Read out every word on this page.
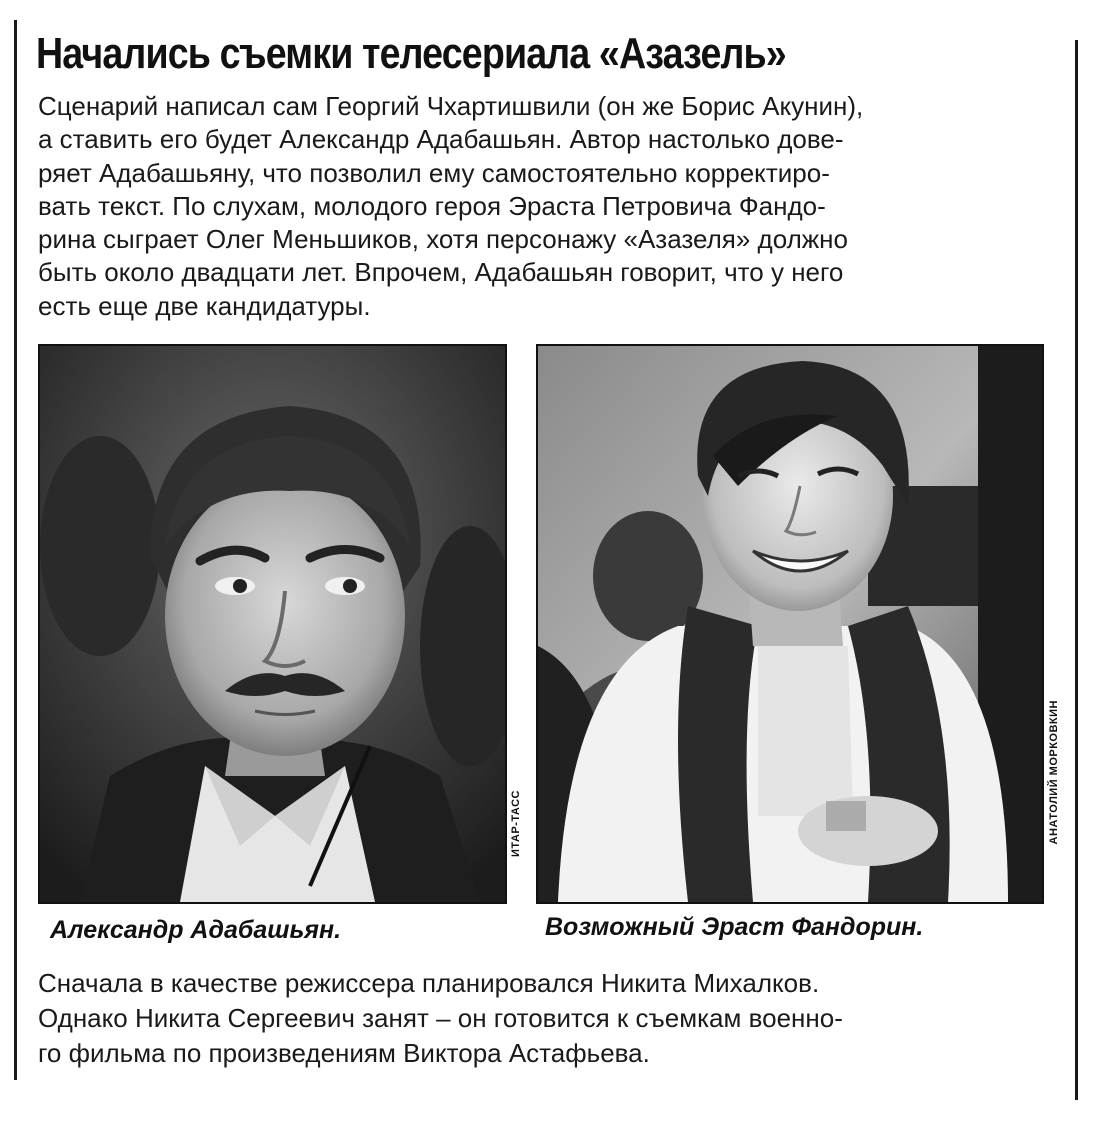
Начались съемки телесериала «Азазель»
Сценарий написал сам Георгий Чхартишвили (он же Борис Акунин),
а ставить его будет Александр Адабашьян. Автор настолько дове-
ряет Адабашьяну, что позволил ему самостоятельно корректиро-
вать текст. По слухам, молодого героя Эраста Петровича Фандо-
рина сыграет Олег Меньшиков, хотя персонажу «Азазеля» должно
быть около двадцати лет. Впрочем, Адабашьян говорит, что у него
есть еще две кандидатуры.
ИТАР-ТАСС	АНАТОЛИЙ МОРКОВКИН
Александр Адабашьян.	Возможный Эраст Фандорин.
Сначала в качестве режиссера планировался Никита Михалков.
Однако Никита Сергеевич занят – он готовится к съемкам военно-
го фильма по произведениям Виктора Астафьева.
